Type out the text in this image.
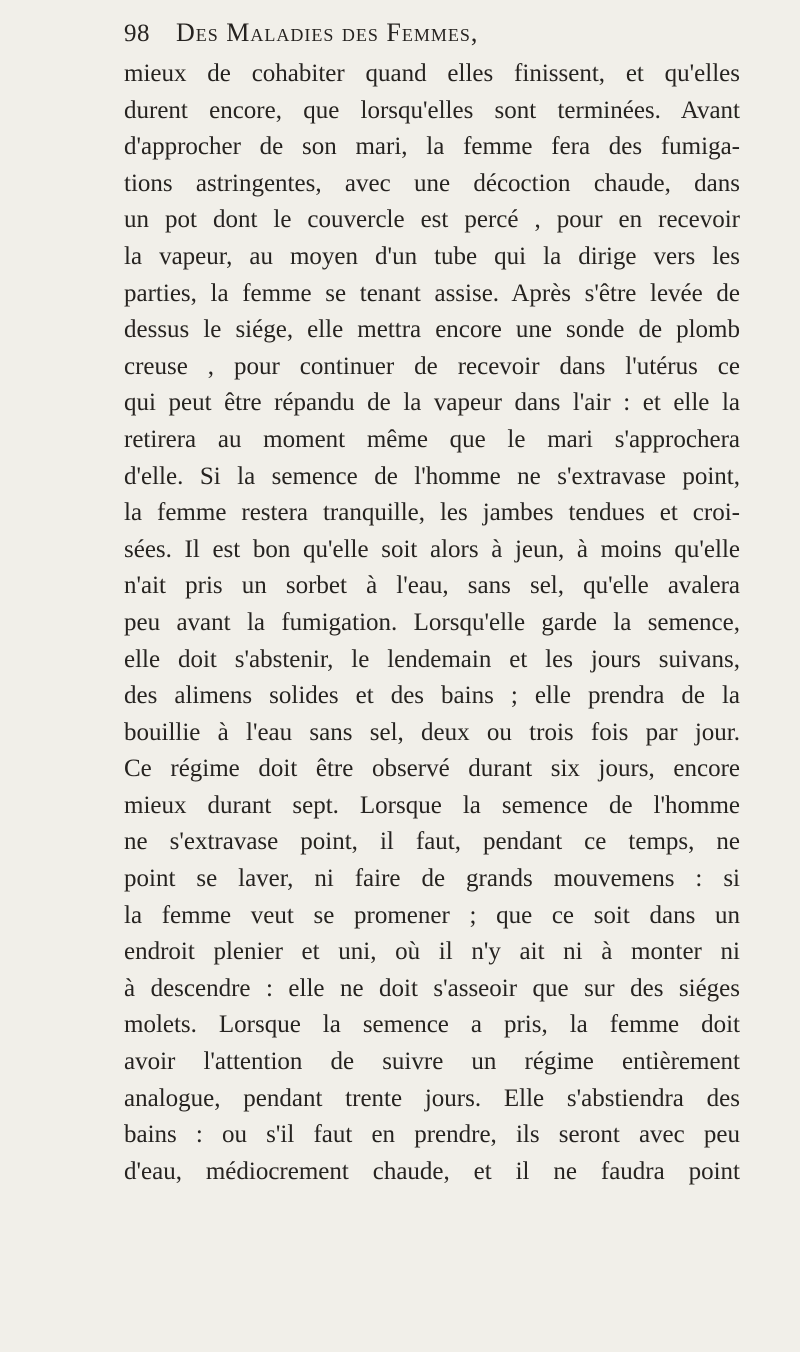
98	Des Maladies des Femmes,
mieux de cohabiter quand elles finissent, et qu'elles
durent encore, que lorsqu'elles sont terminées. Avant
d'approcher de son mari, la femme fera des fumiga-
tions astringentes, avec une décoction chaude, dans
un pot dont le couvercle est percé , pour en recevoir
la vapeur, au moyen d'un tube qui la dirige vers les
parties, la femme se tenant assise. Après s'être levée de
dessus le siége, elle mettra encore une sonde de plomb
creuse , pour continuer de recevoir dans l'utérus ce
qui peut être répandu de la vapeur dans l'air : et elle la
retirera au moment même que le mari s'approchera
d'elle. Si la semence de l'homme ne s'extravase point,
la femme restera tranquille, les jambes tendues et croi-
sées. Il est bon qu'elle soit alors à jeun, à moins qu'elle
n'ait pris un sorbet à l'eau, sans sel, qu'elle avalera
peu avant la fumigation. Lorsqu'elle garde la semence,
elle doit s'abstenir, le lendemain et les jours suivans,
des alimens solides et des bains ; elle prendra de la
bouillie à l'eau sans sel, deux ou trois fois par jour.
Ce régime doit être observé durant six jours, encore
mieux durant sept. Lorsque la semence de l'homme
ne s'extravase point, il faut, pendant ce temps, ne
point se laver, ni faire de grands mouvemens : si
la femme veut se promener ; que ce soit dans un
endroit plenier et uni, où il n'y ait ni à monter ni
à descendre : elle ne doit s'asseoir que sur des siéges
molets. Lorsque la semence a pris, la femme doit
avoir l'attention de suivre un régime entièrement
analogue, pendant trente jours. Elle s'abstiendra des
bains : ou s'il faut en prendre, ils seront avec peu
d'eau, médiocrement chaude, et il ne faudra point
